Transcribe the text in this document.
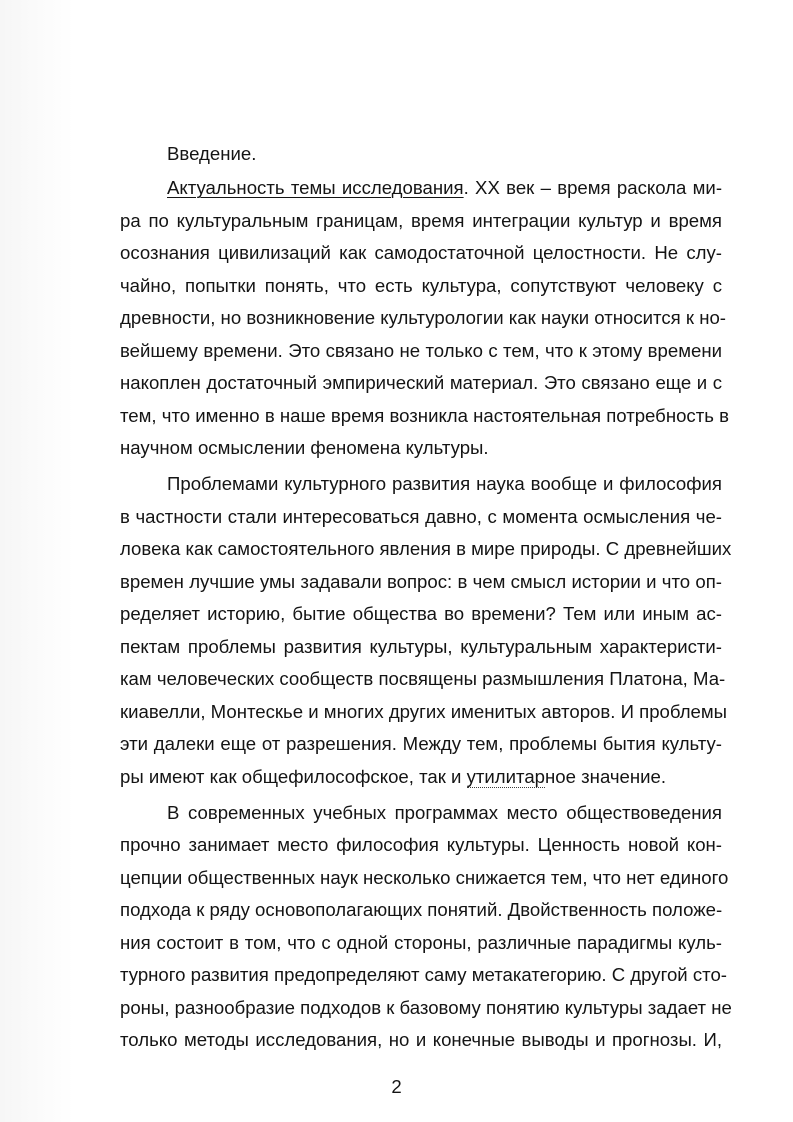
Введение.

Актуальность темы исследования. XX век – время раскола ми-

ра по культуральным границам, время интеграции культур и время

осознания цивилизаций как самодостаточной целостности. Не слу-

чайно, попытки понять, что есть культура, сопутствуют человеку с

древности, но возникновение культурологии как науки относится к но-

вейшему времени. Это связано не только с тем, что к этому времени

накоплен достаточный эмпирический материал. Это связано еще и с

тем, что именно в наше время возникла настоятельная потребность в

научном осмыслении феномена культуры.

Проблемами культурного развития наука вообще и философия

в частности стали интересоваться давно, с момента осмысления че-

ловека как самостоятельного явления в мире природы. С древнейших

времен лучшие умы задавали вопрос: в чем смысл истории и что оп-

ределяет историю, бытие общества во времени? Тем или иным ас-

пектам проблемы развития культуры, культуральным характеристи-

кам человеческих сообществ посвящены размышления Платона, Ма-

киавелли, Монтескье и многих других именитых авторов. И проблемы

эти далеки еще от разрешения. Между тем, проблемы бытия культу-

ры имеют как общефилософское, так и утилитарное значение.

В современных учебных программах место обществоведения

прочно занимает место философия культуры. Ценность новой кон-

цепции общественных наук несколько снижается тем, что нет единого

подхода к ряду основополагающих понятий. Двойственность положе-

ния состоит в том, что с одной стороны, различные парадигмы куль-

турного развития предопределяют саму метакатегорию. С другой сто-

роны, разнообразие подходов к базовому понятию культуры задает не

только методы исследования, но и конечные выводы и прогнозы. И,

2
